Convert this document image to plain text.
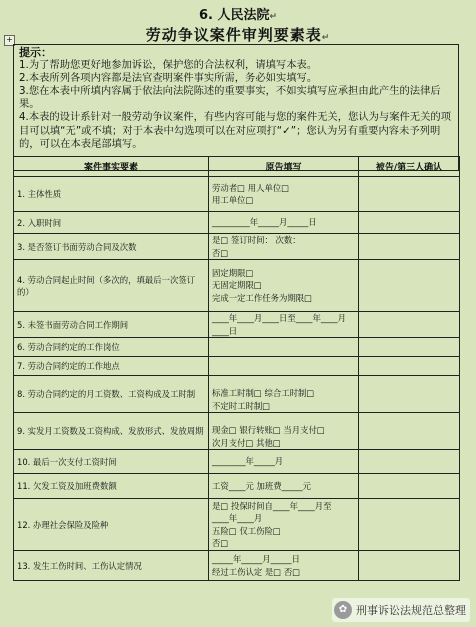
6. 人民法院↵
劳动争议案件审判要素表↵
+

提示：

1.为了帮助您更好地参加诉讼，保护您的合法权利，请填写本表。

2.本表所列各项内容都是法官查明案件事实所需，务必如实填写。

3.您在本表中所填内容属于依法向法院陈述的重要事实，不如实填写应承担由此产生的法律后果。

4.本表的设计系针对一般劳动争议案件，有些内容可能与您的案件无关，您认为与案件无关的项目可以填“无”或不填；对于本表中勾选项可以在对应项打“✓”；您认为另有重要内容未予列明的，可以在本表尾部填写。

案件事实要素	原告填写	被告/第三人确认
1. 主体性质	劳动者□ 用人单位□
用工单位□	

2. 入职时间	_________年_____月_____日	

3. 是否签订书面劳动合同及次数	是□ 签订时间： 次数：
否□	

4. 劳动合同起止时间（多次的，填最后一次签订的）	固定期限□
无固定期限□
完成一定工作任务为期限□	

5. 未签书面劳动合同工作期间	____年____月____日至____年____月____日	

6. 劳动合同约定的工作岗位	

7. 劳动合同约定的工作地点	

8. 劳动合同约定的月工资数、工资构成及工时制	标准工时制□ 综合工时制□
不定时工时制□	

9. 实发月工资数及工资构成、发放形式、发放周期	现金□ 银行转账□ 当月支付□
次月支付□ 其他□	

10. 最后一次支付工资时间	________年_____月	

11. 欠发工资及加班费数额	工资____元 加班费_____元	

12. 办理社会保险及险种	是□ 投保时间自____年____月至
____年____月
五险□ 仅工伤险□
否□	

13. 发生工伤时间、工伤认定情况	_____年_____月_____日
经过工伤认定 是□ 否□	

✿ 刑事诉讼法规范总整理
